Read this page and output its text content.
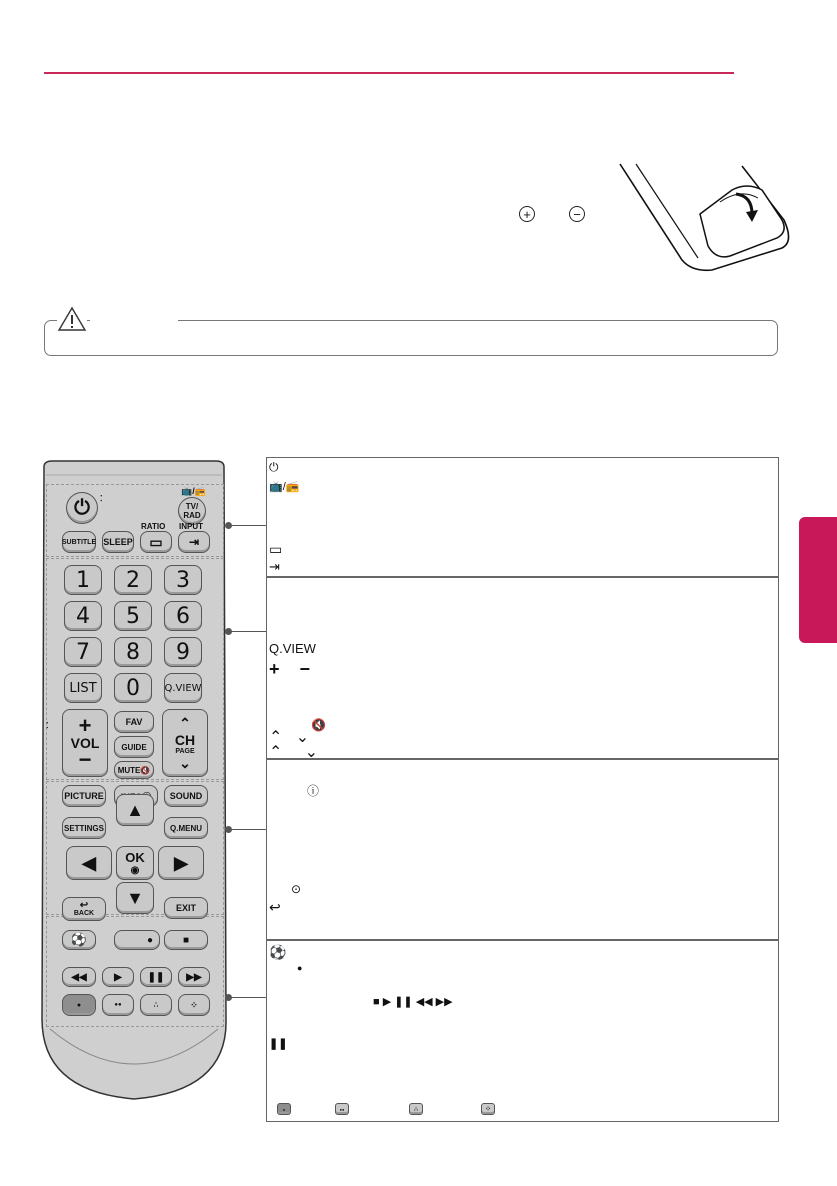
+	−
⏻	⁚
📺/📻
TV/
RAD
RATIO INPUT
SUBTITLE SLEEP	▭	⇥
1	2	3
4	5	6
7	8	9
LIST	0	Q.VIEW
+
VOL
−
⁚	⌃
CH
PAGE
⌄
FAV
GUIDE
MUTE🔇
PICTURE	SOUND
SETTINGS	Q.MENU
▲
◀	▶
OK
◉
▼
↩
BACK
EXIT
⚽	●	■
◀◀	▶	❚❚	▶▶
●	●●	∴	⁘
⏻
📺/📻
▭
⇥
Q.VIEW
+    −
🔇
⌃   ⌄
⌃     ⌄
ⓘ
⊙
↩
⚽
●
■ ▶ ❚❚ ◀◀ ▶▶
❚❚
●	●●	∴	⁘
